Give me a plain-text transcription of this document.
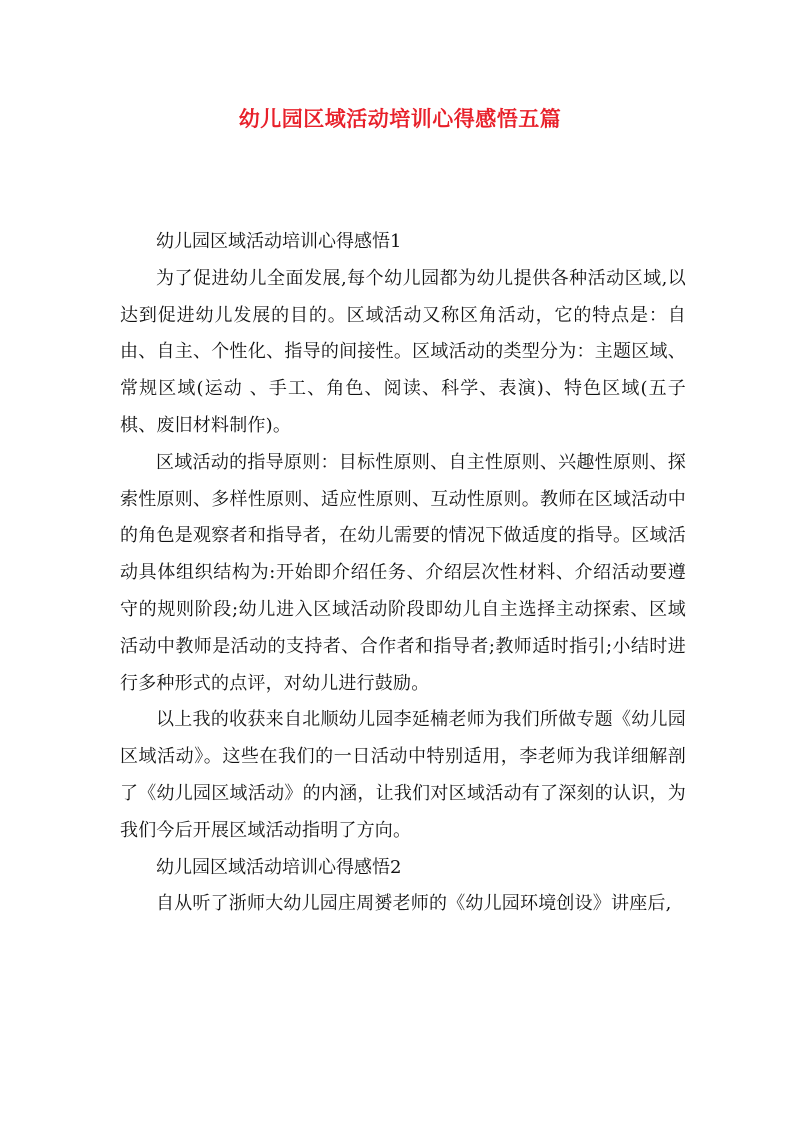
幼儿园区域活动培训心得感悟五篇

幼儿园区域活动培训心得感悟1

为了促进幼儿全面发展,每个幼儿园都为幼儿提供各种活动区域,以达到促进幼儿发展的目的。区域活动又称区角活动，它的特点是：自由、自主、个性化、指导的间接性。区域活动的类型分为：主题区域、常规区域(运动 、手工、角色、阅读、科学、表演)、特色区域(五子棋、废旧材料制作)。

区域活动的指导原则：目标性原则、自主性原则、兴趣性原则、探索性原则、多样性原则、适应性原则、互动性原则。教师在区域活动中的角色是观察者和指导者，在幼儿需要的情况下做适度的指导。区域活动具体组织结构为:开始即介绍任务、介绍层次性材料、介绍活动要遵守的规则阶段;幼儿进入区域活动阶段即幼儿自主选择主动探索、区域活动中教师是活动的支持者、合作者和指导者;教师适时指引;小结时进行多种形式的点评，对幼儿进行鼓励。

以上我的收获来自北顺幼儿园李延楠老师为我们所做专题《幼儿园区域活动》。这些在我们的一日活动中特别适用，李老师为我详细解剖了《幼儿园区域活动》的内涵，让我们对区域活动有了深刻的认识，为我们今后开展区域活动指明了方向。

幼儿园区域活动培训心得感悟2

自从听了浙师大幼儿园庄周赟老师的《幼儿园环境创设》讲座后,
